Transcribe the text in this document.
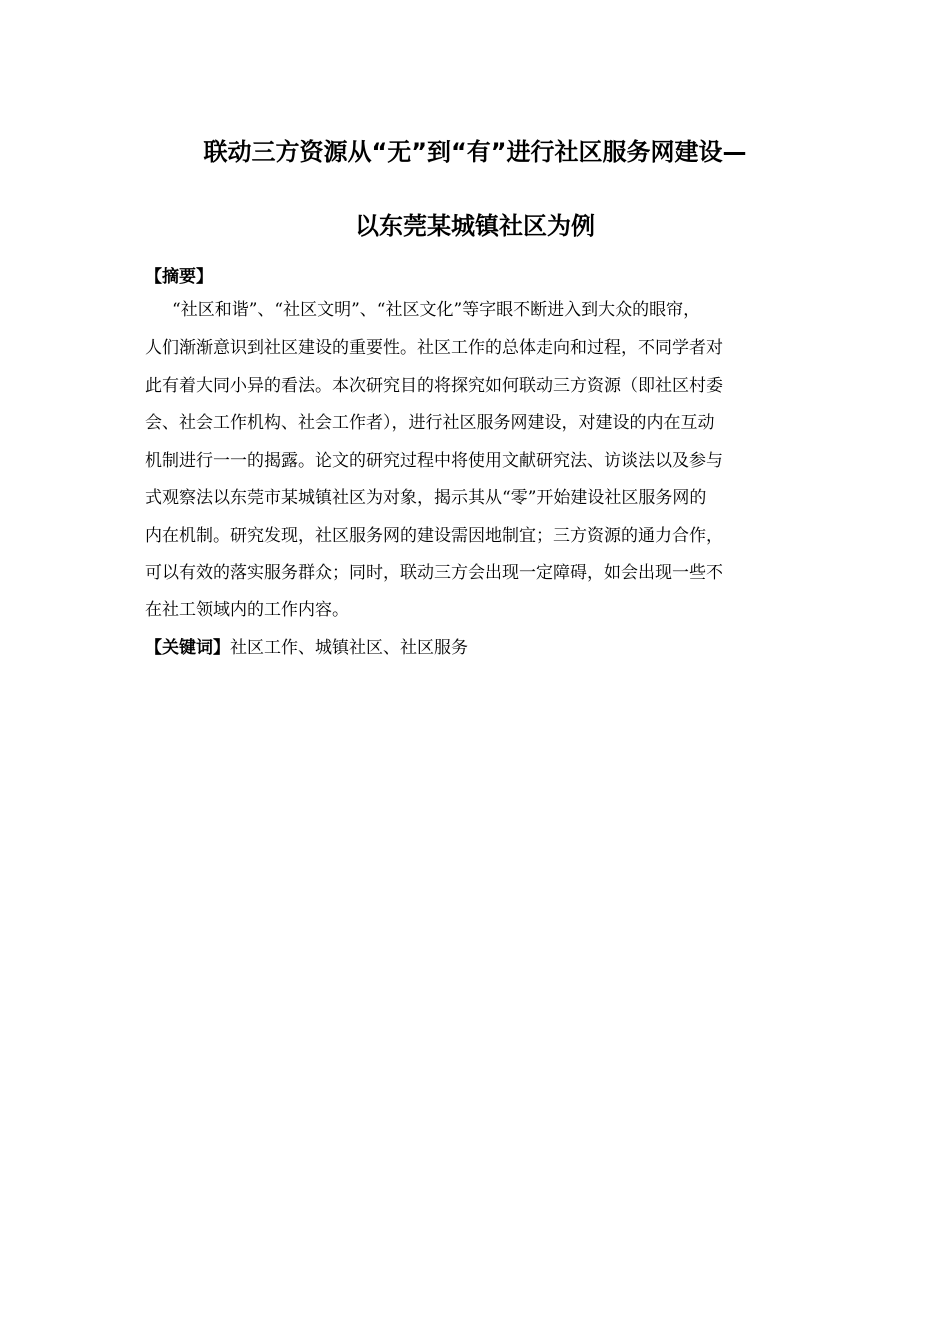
联动三方资源从“无”到“有”进行社区服务网建设—
以东莞某城镇社区为例
【摘要】
“社区和谐”、“社区文明”、“社区文化”等字眼不断进入到大众的眼帘，
人们渐渐意识到社区建设的重要性。社区工作的总体走向和过程，不同学者对
此有着大同小异的看法。本次研究目的将探究如何联动三方资源（即社区村委
会、社会工作机构、社会工作者），进行社区服务网建设，对建设的内在互动
机制进行一一的揭露。论文的研究过程中将使用文献研究法、访谈法以及参与
式观察法以东莞市某城镇社区为对象，揭示其从“零”开始建设社区服务网的
内在机制。研究发现，社区服务网的建设需因地制宜；三方资源的通力合作，
可以有效的落实服务群众；同时，联动三方会出现一定障碍，如会出现一些不
在社工领域内的工作内容。
【关键词】社区工作、城镇社区、社区服务
